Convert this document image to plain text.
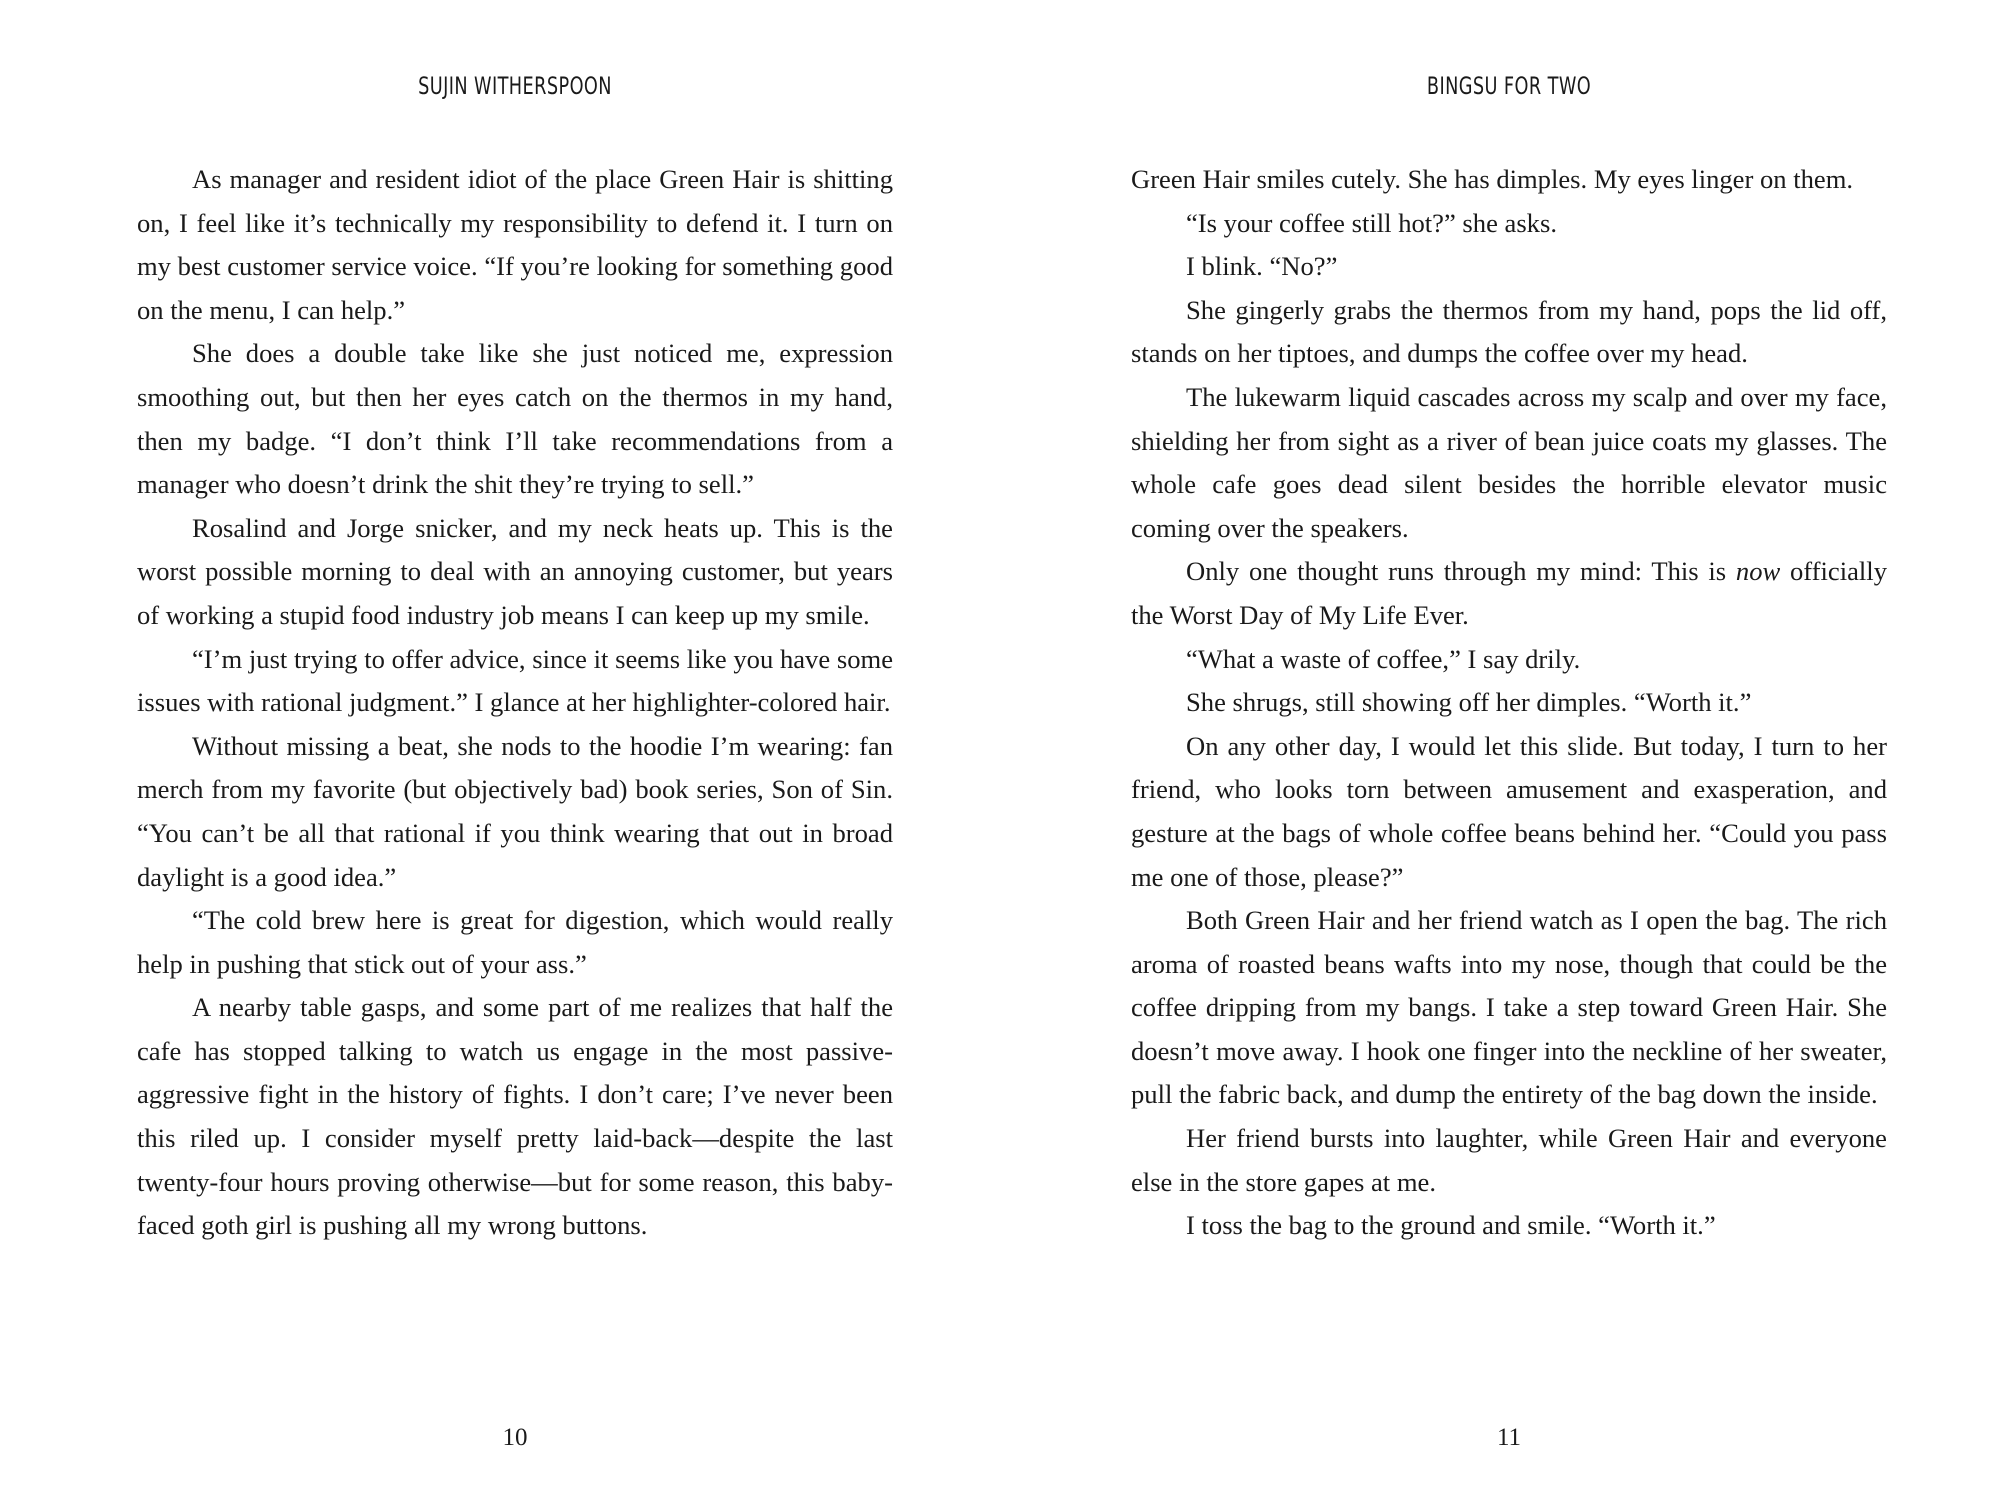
SUJIN WITHERSPOON

As manager and resident idiot of the place Green Hair is shitting on, I feel like it’s technically my responsibility to defend it. I turn on my best customer service voice. “If you’re looking for something good on the menu, I can help.”

She does a double take like she just noticed me, expression smoothing out, but then her eyes catch on the thermos in my hand, then my badge. “I don’t think I’ll take recommendations from a manager who doesn’t drink the shit they’re trying to sell.”

Rosalind and Jorge snicker, and my neck heats up. This is the worst possible morning to deal with an annoying customer, but years of working a stupid food industry job means I can keep up my smile.

“I’m just trying to offer advice, since it seems like you have some issues with rational judgment.” I glance at her highlighter-colored hair.

Without missing a beat, she nods to the hoodie I’m wearing: fan merch from my favorite (but objectively bad) book series, Son of Sin. “You can’t be all that rational if you think wearing that out in broad daylight is a good idea.”

“The cold brew here is great for digestion, which would really help in pushing that stick out of your ass.”

A nearby table gasps, and some part of me realizes that half the cafe has stopped talking to watch us engage in the most passive-aggressive fight in the history of fights. I don’t care; I’ve never been this riled up. I consider myself pretty laid-back—despite the last twenty-four hours proving otherwise—but for some reason, this baby-faced goth girl is pushing all my wrong buttons.

10
BINGSU FOR TWO

Green Hair smiles cutely. She has dimples. My eyes linger on them.

“Is your coffee still hot?” she asks.

I blink. “No?”

She gingerly grabs the thermos from my hand, pops the lid off, stands on her tiptoes, and dumps the coffee over my head.

The lukewarm liquid cascades across my scalp and over my face, shielding her from sight as a river of bean juice coats my glasses. The whole cafe goes dead silent besides the horrible elevator music coming over the speakers.

Only one thought runs through my mind: This is now officially the Worst Day of My Life Ever.

“What a waste of coffee,” I say drily.

She shrugs, still showing off her dimples. “Worth it.”

On any other day, I would let this slide. But today, I turn to her friend, who looks torn between amusement and exasperation, and gesture at the bags of whole coffee beans behind her. “Could you pass me one of those, please?”

Both Green Hair and her friend watch as I open the bag. The rich aroma of roasted beans wafts into my nose, though that could be the coffee dripping from my bangs. I take a step toward Green Hair. She doesn’t move away. I hook one finger into the neckline of her sweater, pull the fabric back, and dump the entirety of the bag down the inside.

Her friend bursts into laughter, while Green Hair and everyone else in the store gapes at me.

I toss the bag to the ground and smile. “Worth it.”

11
